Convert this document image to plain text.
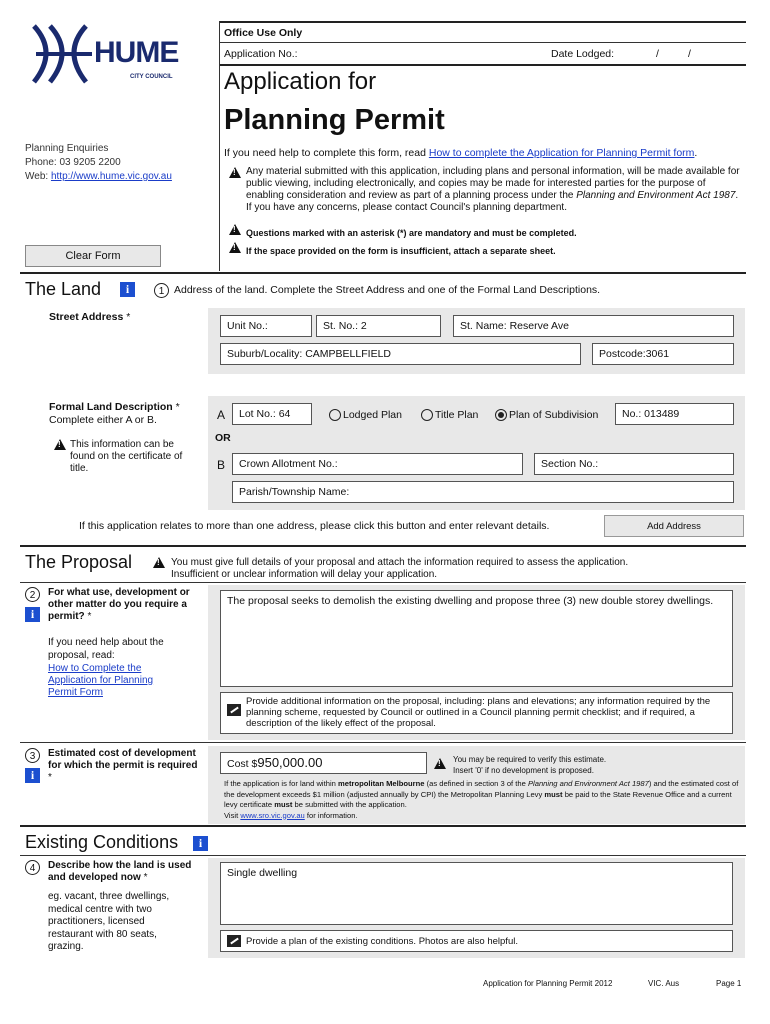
HUME
CITY COUNCIL
Planning Enquiries
Phone: 03 9205 2200
Web: http://www.hume.vic.gov.au
Clear Form
Office Use Only
Application No.:	Date Lodged:	/	/
Application for
Planning Permit
If you need help to complete this form, read How to complete the Application for Planning Permit form.
!
Any material submitted with this application, including plans and personal information, will be made available for public viewing, including electronically, and copies may be made for interested parties for the purpose of enabling consideration and review as part of a planning process under the Planning and Environment Act 1987. If you have any concerns, please contact Council's planning department.
!
Questions marked with an asterisk (*) are mandatory and must be completed.
!
If the space provided on the form is insufficient, attach a separate sheet.
The Land	i	1 Address of the land. Complete the Street Address and one of the Formal Land Descriptions.
Street Address *
Unit No.:	St. No.: 2	St. Name: Reserve Ave
Suburb/Locality: CAMPBELLFIELD	Postcode:3061
Formal Land Description *
Complete either A or B.
!
This information can be found on the certificate of title.
A	Lot No.: 64	Lodged Plan	Title Plan	Plan of Subdivision	No.: 013489
OR
B	Crown Allotment No.:	Section No.:
Parish/Township Name:
If this application relates to more than one address, please click this button and enter relevant details.	Add Address
The Proposal !	You must give full details of your proposal and attach the information required to assess the application.
Insufficient or unclear information will delay your application.
2
i
For what use, development or other matter do you require a permit? *
If you need help about the proposal, read:
How to Complete the Application for Planning Permit Form
The proposal seeks to demolish the existing dwelling and propose three (3) new double storey dwellings.
Provide additional information on the proposal, including: plans and elevations; any information required by the planning scheme, requested by Council or outlined in a Council planning permit checklist; and if required, a description of the likely effect of the proposal.
3
i
Estimated cost of development for which the permit is required *
Cost $950,000.00 !	You may be required to verify this estimate.
Insert '0' if no development is proposed.
If the application is for land within metropolitan Melbourne (as defined in section 3 of the Planning and Environment Act 1987) and the estimated cost of the development exceeds $1 million (adjusted annually by CPI) the Metropolitan Planning Levy must be paid to the State Revenue Office and a current levy certificate must be submitted with the application.
Visit www.sro.vic.gov.au for information.
Existing Conditions	i
4	Describe how the land is used and developed now *
eg. vacant, three dwellings, medical centre with two practitioners, licensed restaurant with 80 seats, grazing.
Single dwelling
Provide a plan of the existing conditions. Photos are also helpful.
Application for Planning Permit 2012	VIC. Aus	Page 1
